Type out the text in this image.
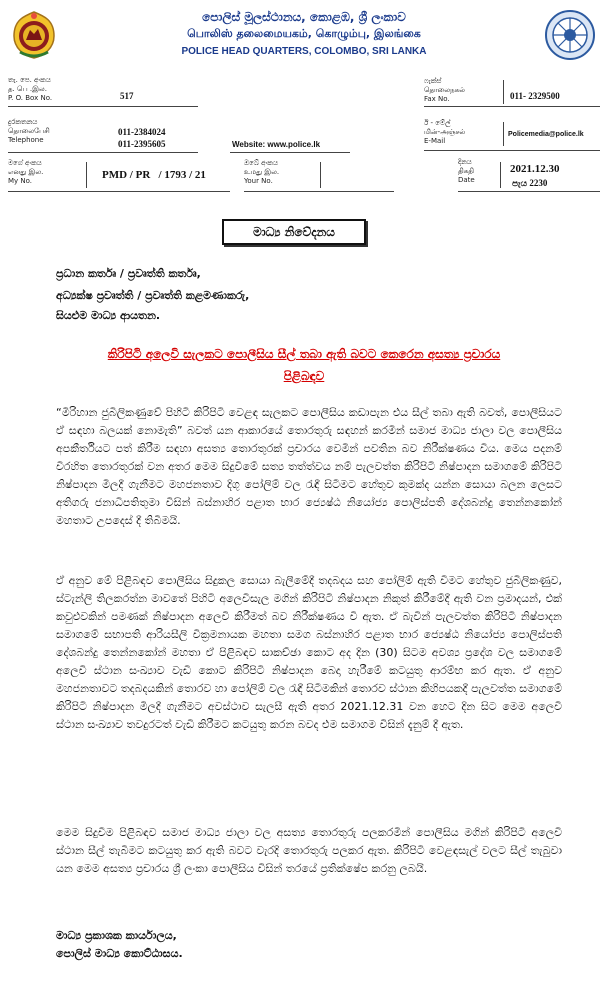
පොලිස් මූලස්ථානය, කොළඹ, ශ්‍රී ලංකාව
பொலிஸ் தலைமையகம், கொழும்பு, இலங்கை
POLICE HEAD QUARTERS, COLOMBO, SRI LANKA
තැ. පෙ. අංකය
த. பெ .இல.
P. O. Box No.	517
ෆැක්ස්
தொலைநகல்
Fax No.	011- 2329500
දුරකතනය
தொலைபேசி
Telephone
011-2384024
011-2395605	Website: www.police.lk
ඊ - මේල්
மின்-அஞ்சல்
E-Mail
Policemedia@police.lk
මගේ අංකය
எனது இல.
My No.	PMD / PR   / 1793 / 21
ඔබේ අංකය
உமது இல.
Your No.
දිනය
திகதி
Date
2021.12.30
පැය 2230
මාධ්‍ය නිවේදනය
ප්‍රධාන කර්තෘ / ප්‍රවෘත්ති කර්තෘ,
අධ්‍යක්ෂ ප්‍රවෘත්ති / ප්‍රවෘත්ති කළමණාකරු,
සියළුම මාධ්‍ය ආයතන.
කිරිපිටි අලෙවි සැලකට පොලීසිය සීල් තබා ඇති බවට කෙරෙන අසත්‍ය ප්‍රචාරය
පිළිබඳව
“මිරිහාන ජුබිලිකණුවේ පිහිටි කිරිපිටි වෙළඳ සැලකට පොලීසිය කඩාපැන එය සීල් තබා ඇති බවත්, පොලීසියට ඒ සඳහා බලයක් නොමැති” බවත් යන ආකාරයේ තොරතුරු සඳහන් කරමින් සමාජ මාධ්‍ය ජාලා වල පොලීසිය අපකීර්තියට පත් කිරීම සඳහා අසත්‍ය තොරතුරක් ප්‍රචාරය වෙමින් පවතින බව නිරීක්ෂණය විය. මෙය පදනම් විරහිත තොරතුරක් වන අතර මෙම සිදුවීමේ සත්‍ය තත්ත්වය නම් පැලවත්ත කිරිපිටි නිෂ්පාදන සමාගමේ කිරිපිටි නිෂ්පාදන මිලදී ගැනීමට මහජනතාව දිගු පෝලිම් වල රැඳී සිටීමට හේතුව කුමක්ද යන්න සොයා බලන ලෙසට අතිගරු ජනාධිපතිතුමා විසින් බස්නාහිර පළාත භාර ජ්‍යෙෂ්ඨ නියෝජ්‍ය පොලිස්පති දේශබන්දු තෙන්නකෝන් මහතාට උපදෙස් දී තිබීමයි.
ඒ අනුව මේ පිළිබඳව පොලීසිය සිදුකල සොයා බැලීමේදී තදබදය සහ පෝලිම් ඇති වීමට හේතුව ජුබිලිකණුව, ස්ටැන්ලි තිලකරත්න මාවතේ පිහිටි අලෙවිසැල මගින් කිරිපිටි නිෂ්පාදන නිකුත් කිරීමේදී ඇති වන ප්‍රමාදයන්, එක් කවුළුවකින් පමණක් නිෂ්පාදන අලෙවි කිරීමත් බව නිරීක්ෂණය වී ඇත. ඒ බැවින් පැලවත්ත කිරිපිටි නිෂ්පාදන සමාගමේ සභාපති ආරියසීලි වික්‍රමනායක මහතා සමග බස්නාහිර පළාත භාර ජ්‍යෙෂ්ඨ නියෝජ්‍ය පොලිස්පති දේශබන්දු තෙන්නකෝන් මහතා ඒ පිළිබඳව සාකච්ඡා කොට අද දින (30) සිටම අවශ්‍ය ප්‍රදේශ වල සමාගමේ අලෙවි ස්ථාන සංඛ්‍යාව වැඩි කොට කිරිපිටි නිෂ්පාදන බෙදා හැරීමේ කටයුතු ආරම්භ කර ඇත. ඒ අනුව මහජනතාවට තදබදයකින් තොරව හා පෝලිම් වල රැඳී සිටීමකින් තොරව ස්ථාන කිහිපයකදී පැලවත්ත සමාගමේ කිරිපිටි නිෂ්පාදන මිලදී ගැනීමට අවස්ථාව සැලසී ඇති අතර 2021.12.31 වන හෙට දින සිට මෙම අලෙවි ස්ථාන සංඛ්‍යාව තවදුරටත් වැඩි කිරීමට කටයුතු කරන බවද එම සමාගම විසින් දැනුම් දී ඇත.
මෙම සිදුවීම පිළිබඳව සමාජ මාධ්‍ය ජාලා වල අසත්‍ය තොරතුරු පලකරමින් පොලීසිය මගින් කිරිපිටි අලෙවි ස්ථාන සීල් තැබීමට කටයුතු කර ඇති බවට වැරදි තොරතුරු පලකර ඇත. කිරිපිටි වෙළඳසැල් වලට සීල් තැබුවා යන මෙම අසත්‍ය ප්‍රචාරය ශ්‍රී ලංකා පොලීසිය විසින් තරයේ ප්‍රතික්ෂේප කරනු ලබයි.
මාධ්‍ය ප්‍රකාශක කාර්යාලය,
පොලිස් මාධ්‍ය කොට්ඨාසය.
